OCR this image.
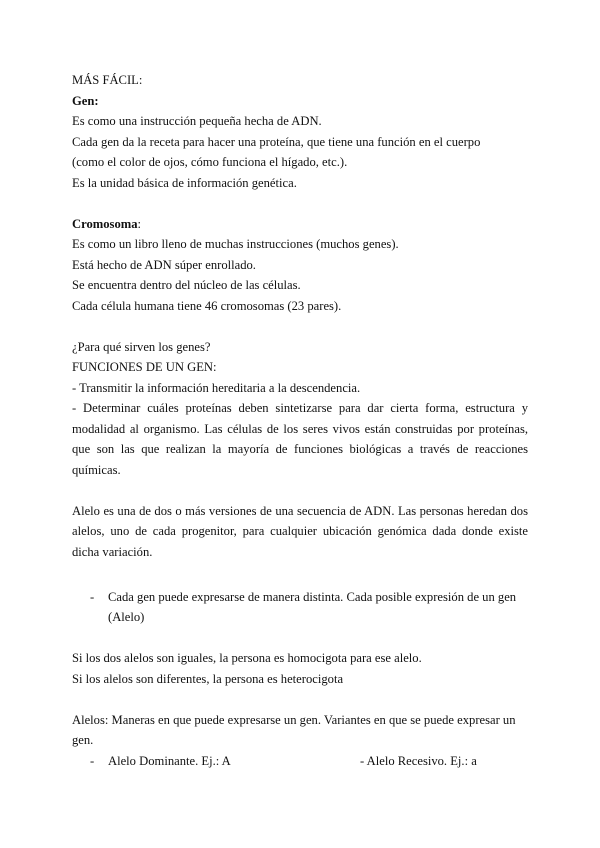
MÁS FÁCIL:
Gen:
Es como una instrucción pequeña hecha de ADN.
Cada gen da la receta para hacer una proteína, que tiene una función en el cuerpo
(como el color de ojos, cómo funciona el hígado, etc.).
Es la unidad básica de información genética.
Cromosoma:
Es como un libro lleno de muchas instrucciones (muchos genes).
Está hecho de ADN súper enrollado.
Se encuentra dentro del núcleo de las células.
Cada célula humana tiene 46 cromosomas (23 pares).
¿Para qué sirven los genes?
FUNCIONES DE UN GEN:
- Transmitir la información hereditaria a la descendencia.
- Determinar cuáles proteínas deben sintetizarse para dar cierta forma, estructura y modalidad al organismo. Las células de los seres vivos están construidas por proteínas, que son las que realizan la mayoría de funciones biológicas a través de reacciones químicas.
Alelo es una de dos o más versiones de una secuencia de ADN. Las personas heredan dos alelos, uno de cada progenitor, para cualquier ubicación genómica dada donde existe dicha variación.
- Cada gen puede expresarse de manera distinta. Cada posible expresión de un gen (Alelo)
Si los dos alelos son iguales, la persona es homocigota para ese alelo.
Si los alelos son diferentes, la persona es heterocigota
Alelos: Maneras en que puede expresarse un gen. Variantes en que se puede expresar un gen.
- Alelo Dominante. Ej.: A	- Alelo Recesivo. Ej.: a
